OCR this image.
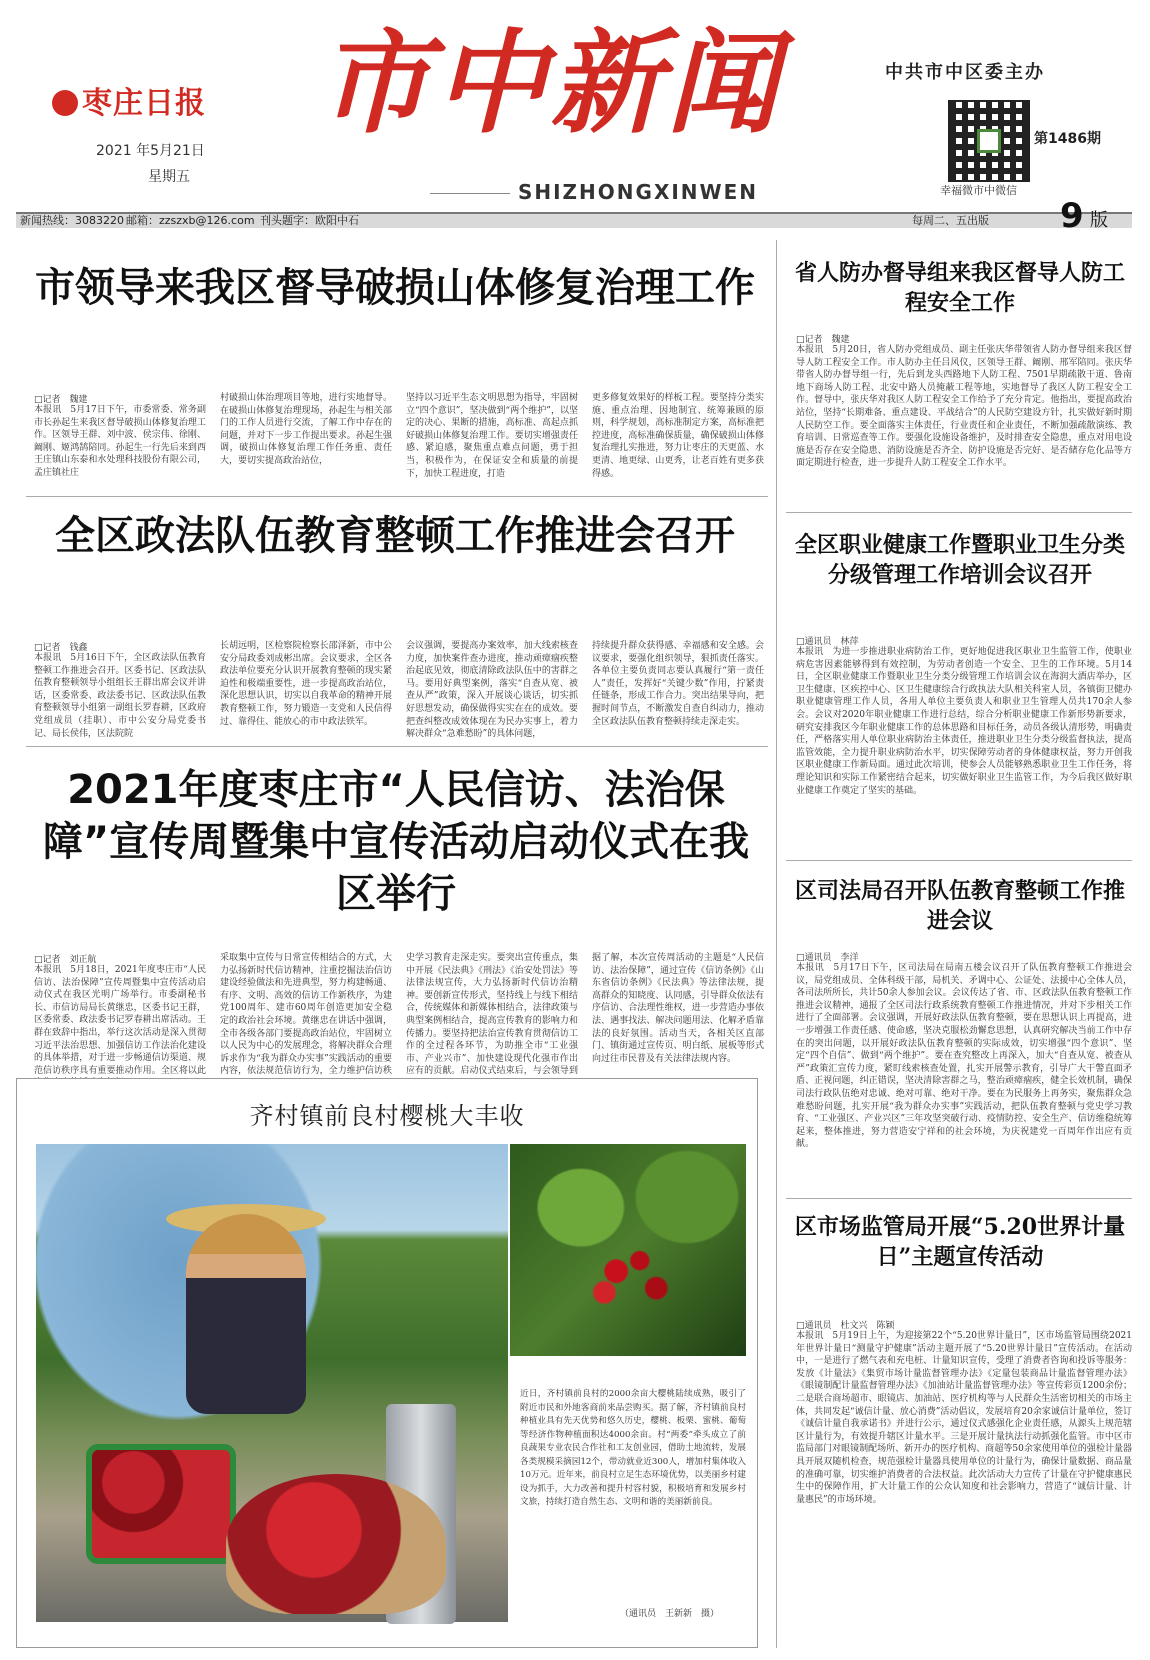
枣庄日报
2021 年5月21日
星期五
市中新闻
SHIZHONGXINWEN
中共市中区委主办
幸福微市中微信
第1486期
新闻热线：3083220 邮箱：zzszxb@126.com 刊头题字：欧阳中石	每周二、五出版 9 版
市领导来我区督导破损山体修复治理工作
□记者　魏建
本报讯　5月17日下午，市委常委、常务副市长孙起生来我区督导破损山体修复治理工作。区领导王群、刘中波、侯宗伟、徐刚、阚刚、姬鸿鹄陪同。孙起生一行先后来到西王庄镇山东泰和水处理科技股份有限公司，孟庄镇社庄
村破损山体治理项目等地，进行实地督导。在破损山体修复治理现场，孙起生与相关部门的工作人员进行交流，了解工作中存在的问题，并对下一步工作提出要求。孙起生强调，破损山体修复治理工作任务重、责任大，要切实提高政治站位，
坚持以习近平生态文明思想为指导，牢固树立“四个意识”，坚决做到“两个维护”，以坚定的决心、果断的措施，高标准、高起点抓好破损山体修复治理工作。要切实增强责任感、紧迫感，聚焦重点难点问题，勇于担当，积极作为，在保证安全和质量的前提下，加快工程进度，打造
更多修复效果好的样板工程。要坚持分类实施、重点治理、因地制宜、统筹兼顾的原则，科学规划，高标准制定方案，高标准把控进度，高标准确保质量，确保破损山体修复治理扎实推进，努力让枣庄的天更蓝、水更清、地更绿、山更秀，让老百姓有更多获得感。
全区政法队伍教育整顿工作推进会召开
□记者　钱鑫
本报讯　5月16日下午，全区政法队伍教育整顿工作推进会召开。区委书记、区政法队伍教育整顿领导小组组长王群出席会议并讲话，区委常委、政法委书记、区政法队伍教育整顿领导小组第一副组长罗春耕，区政府党组成员（挂职）、市中公安分局党委书记、局长侯伟，区法院院
长胡远明，区检察院检察长邵泽新，市中公安分局政委刘成彬出席。会议要求，全区各政法单位要充分认识开展教育整顿的现实紧迫性和极端重要性，进一步提高政治站位，深化思想认识，切实以自我革命的精神开展教育整顿工作，努力锻造一支党和人民信得过、靠得住、能放心的市中政法铁军。
会议强调，要提高办案效率，加大线索核查力度，加快案件查办进度，推动顽瘴痼疾整治起底见效，彻底清除政法队伍中的害群之马。要用好典型案例，落实“自查从宽、被查从严”政策，深入开展谈心谈话，切实抓好思想发动，确保做得实实在在的成效。要把查纠整改成效体现在为民办实事上，着力解决群众“急难愁盼”的具体问题，
持续提升群众获得感、幸福感和安全感。会议要求，要强化组织领导，狠抓责任落实。各单位主要负责同志要认真履行“第一责任人”责任，发挥好“关键少数”作用，拧紧责任链条，形成工作合力。突出结果导向，把握时间节点，不断激发自查自纠动力，推动全区政法队伍教育整顿持续走深走实。
2021年度枣庄市“人民信访、法治保障”宣传周暨集中宣传活动启动仪式在我区举行
□记者　刘正航
本报讯　5月18日，2021年度枣庄市“人民信访、法治保障”宣传周暨集中宣传活动启动仪式在我区光明广场举行。市委副秘书长、市信访局局长黄继忠，区委书记王群，区委常委、政法委书记罗春耕出席活动。王群在致辞中指出，举行这次活动是深入贯彻习近平法治思想、加强信访工作法治化建设的具体举措，对于进一步畅通信访渠道、规范信访秩序具有重要推动作用。全区将以此
采取集中宣传与日常宣传相结合的方式，大力弘扬新时代信访精神，注重挖掘法治信访建设经验做法和先进典型，努力构建畅通、有序、文明、高效的信访工作新秩序，为建党100周年、建市60周年创造更加安全稳定的政治社会环境。黄继忠在讲话中强调，全市各级各部门要提高政治站位，牢固树立以人民为中心的发展理念，将解决群众合理诉求作为“我为群众办实事”实践活动的重要内容，依法规范信访行为，全力维护信访秩
史学习教育走深走实。要突出宣传重点，集中开展《民法典》《刑法》《治安处罚法》等法律法规宣传，大力弘扬新时代信访治精神。要创新宣传形式，坚持线上与线下相结合，传统媒体和新媒体相结合，法律政策与典型案例相结合，提高宣传教育的影响力和传播力。要坚持把法治宣传教育贯彻信访工作的全过程各环节，为助推全市“工业强市、产业兴市”、加快建设现代化强市作出应有的贡献。启动仪式结束后，与会领导到
据了解，本次宣传周活动的主题是“人民信访、法治保障”，通过宣传《信访条例》《山东省信访条例》《民法典》等法律法规，提高群众的知晓度、认同感，引导群众依法有序信访、合法理性维权，进一步营造办事依法、遇事找法、解决问题用法、化解矛盾靠法的良好氛围。活动当天，各相关区直部门、镇街通过宣传页、明白纸、展板等形式向过往市民普及有关法律法规内容。
齐村镇前良村樱桃大丰收
近日，齐村镇前良村的2000余亩大樱桃陆续成熟，吸引了附近市民和外地客商前来品尝购买。据了解，齐村镇前良村种植业具有先天优势和悠久历史，樱桃、板栗、蜜桃、葡萄等经济作物种植面积达4000余亩。村“两委”牵头成立了前良蔬果专业农民合作社和工友创业园，借助土地流转，发展各类规模采摘园12个，带动就业近300人，增加村集体收入10万元。近年来，前良村立足生态环境优势，以美丽乡村建设为抓手，大力改善和提升村容村貌，积极培育和发展乡村文旅，持续打造自然生态、文明和谐的美丽新前良。
（通讯员　王新新　摄）
省人防办督导组来我区督导人防工程安全工作
□记者　魏建
本报讯　5月20日，省人防办党组成员、副主任张庆华带领省人防办督导组来我区督导人防工程安全工作。市人防办主任吕风仪，区领导王群、阚刚、邢军陪同。张庆华带省人防办督导组一行，先后到龙头西路地下人防工程、7501早期疏散干道、鲁南地下商场人防工程、北安中路人员掩蔽工程等地，实地督导了我区人防工程安全工作。督导中，张庆华对我区人防工程安全工作给予了充分肯定。他指出，要提高政治站位，坚持“长期难备、重点建设、平战结合”的人民防空建设方针，扎实做好新时期人民防空工作。要全面落实主体责任，行业责任和企业责任，不断加强疏散演练、教育培训、日常巡查等工作。要强化设施设备维护，及时排查安全隐患，重点对用电设施是否存在安全隐患、消防设施是否齐全、防护设施是否完好、是否储存危化品等方面定期进行检查，进一步提升人防工程安全工作水平。
全区职业健康工作暨职业卫生分类分级管理工作培训会议召开
□通讯员　林萍
本报讯　为进一步推进职业病防治工作，更好地促进我区职业卫生监管工作，使职业病危害因素能够得到有效控制，为劳动者创造一个安全、卫生的工作环境。5月14日，全区职业健康工作暨职业卫生分类分级管理工作培训会议在海润大酒店举办，区卫生健康、区疾控中心、区卫生健康综合行政执法大队相关科室人员，各镇街卫健办职业健康管理工作人员，各用人单位主要负责人和职业卫生管理人员共170余人参会。会议对2020年职业健康工作进行总结，综合分析职业健康工作新形势新要求，研究安排我区今年职业健康工作的总体思路和目标任务，动员各级认清形势，明确责任，严格落实用人单位职业病防治主体责任，推进职业卫生分类分级监督执法，提高监管效能，全力提升职业病防治水平，切实保障劳动者的身体健康权益，努力开创我区职业健康工作新局面。通过此次培训，使参会人员能够熟悉职业卫生工作任务，将理论知识和实际工作紧密结合起来，切实做好职业卫生监管工作，为今后我区做好职业健康工作奠定了坚实的基础。
区司法局召开队伍教育整顿工作推进会议
□通讯员　李洋
本报讯　5月17日下午，区司法局在局南五楼会议召开了队伍教育整顿工作推进会议，局党组成员、全体科级干部，局机关、矛调中心、公证处、法援中心全体人员，各司法所所长，共计50余人参加会议。会议传达了省、市、区政法队伍教育整顿工作推进会议精神，通报了全区司法行政系统教育整顿工作推进情况，并对下步相关工作进行了全面部署。会议强调，开展好政法队伍教育整顿，要在思想认识上再提高，进一步增强工作责任感、使命感，坚决克服松劲懈怠思想，认真研究解决当前工作中存在的突出问题，以开展好政法队伍教育整顿的实际成效，切实增强“四个意识”、坚定“四个自信”、做到“两个维护”。要在查究整改上再深入，加大“自查从宽、被查从严”政策汇宣传力度，紧盯线索核查处置，扎实开展警示教育，引导广大干警直面矛盾、正视问题，纠正错误，坚决清除害群之马，整治顽瘴痼疾，健全长效机制，确保司法行政队伍绝对忠诚、绝对可靠、绝对干净。要在为民服务上再务实，聚焦群众急难愁盼问题，扎实开展“我为群众办实事”实践活动，把队伍教育整顿与党史学习教育、“工业强区、产业兴区”三年攻坚突破行动、疫情防控、安全生产、信访维稳统筹起来，整体推进，努力营造安宁祥和的社会环境，为庆祝建党一百周年作出应有贡献。
区市场监管局开展“5.20世界计量日”主题宣传活动
□通讯员　杜文兴　陈颖
本报讯　5月19日上午，为迎接第22个“5.20世界计量日”，区市场监管局围绕2021年世界计量日“测量守护健康”活动主题开展了“5.20世界计量日”宣传活动。在活动中，一是进行了燃气表和充电桩、计量知识宣传，受理了消费者咨询和投诉等服务：发放《计量法》《集贸市场计量监督管理办法》《定量包装商品计量监督管理办法》《眼镜制配计量监督管理办法》《加油站计量监督管理办法》等宣传彩页1200余份；二是联合商场超市、眼镜店、加油站、医疗机构等与人民群众生活密切相关的市场主体，共同发起“诚信计量、放心消费”活动倡议，发展培育20余家诚信计量单位，签订《诚信计量自我承诺书》并进行公示，通过仪式感强化企业责任感，从源头上规范辖区计量行为，有效提升辖区计量水平。三是开展计量执法行动抓强化监管。市中区市监局部门对眼镜制配场所、新开办的医疗机构、商超等50余家使用单位的强检计量器具开展双随机检查，规范强检计量器具使用单位的计量行为，确保计量数据、商品量的准确可靠，切实维护消费者的合法权益。此次活动大力宣传了计量在守护健康惠民生中的保障作用，扩大计量工作的公众认知度和社会影响力，营造了“诚信计量、计量惠民”的市场环境。
